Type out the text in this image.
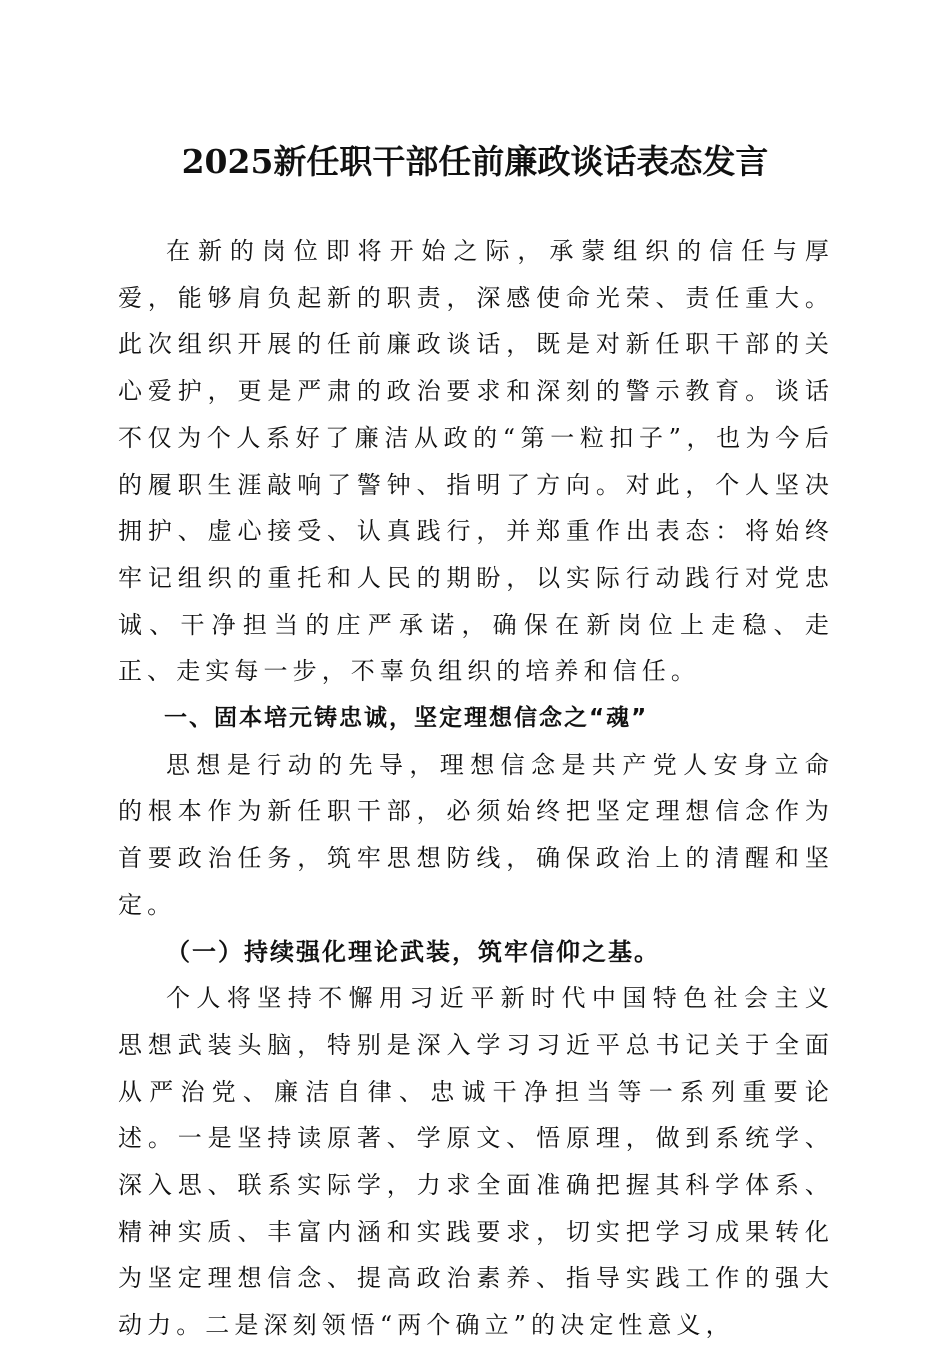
2025新任职干部任前廉政谈话表态发言

在新的岗位即将开始之际，承蒙组织的信任与厚爱，能够肩负起新的职责，深感使命光荣、责任重大。此次组织开展的任前廉政谈话，既是对新任职干部的关心爱护，更是严肃的政治要求和深刻的警示教育。谈话不仅为个人系好了廉洁从政的“第一粒扣子”，也为今后的履职生涯敲响了警钟、指明了方向。对此，个人坚决拥护、虚心接受、认真践行，并郑重作出表态：将始终牢记组织的重托和人民的期盼，以实际行动践行对党忠诚、干净担当的庄严承诺，确保在新岗位上走稳、走正、走实每一步，不辜负组织的培养和信任。

一、固本培元铸忠诚，坚定理想信念之“魂”

思想是行动的先导，理想信念是共产党人安身立命的根本作为新任职干部，必须始终把坚定理想信念作为首要政治任务，筑牢思想防线，确保政治上的清醒和坚定。

（一）持续强化理论武装，筑牢信仰之基。

个人将坚持不懈用习近平新时代中国特色社会主义思想武装头脑，特别是深入学习习近平总书记关于全面从严治党、廉洁自律、忠诚干净担当等一系列重要论述。一是坚持读原著、学原文、悟原理，做到系统学、深入思、联系实际学，力求全面准确把握其科学体系、精神实质、丰富内涵和实践要求，切实把学习成果转化为坚定理想信念、提高政治素养、指导实践工作的强大动力。二是深刻领悟“两个确立”的决定性意义，
